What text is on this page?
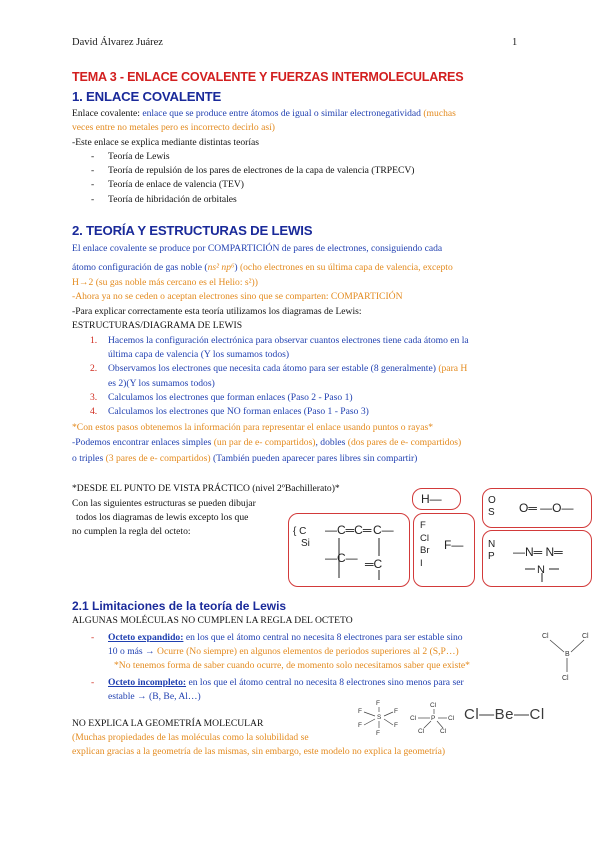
David Álvarez Juárez	1
TEMA 3 - ENLACE COVALENTE Y FUERZAS INTERMOLECULARES
1. ENLACE COVALENTE
Enlace covalente: enlace que se produce entre átomos de igual o similar electronegatividad (muchas
veces entre no metales pero es incorrecto decirlo así)
-Este enlace se explica mediante distintas teorías
- Teoría de Lewis
- Teoría de repulsión de los pares de electrones de la capa de valencia (TRPECV)
- Teoría de enlace de valencia (TEV)
- Teoría de hibridación de orbitales
2. TEORÍA Y ESTRUCTURAS DE LEWIS
El enlace covalente se produce por COMPARTICIÓN de pares de electrones, consiguiendo cada
átomo configuración de gas noble (ns² np⁶) (ocho electrones en su última capa de valencia, excepto
H→2 (su gas noble más cercano es el Helio: s²))
-Ahora ya no se ceden o aceptan electrones sino que se comparten: COMPARTICIÓN
-Para explicar correctamente esta teoría utilizamos los diagramas de Lewis:
ESTRUCTURAS/DIAGRAMA DE LEWIS
1. Hacemos la configuración electrónica para observar cuantos electrones tiene cada átomo en la
última capa de valencia (Y los sumamos todos)
2. Observamos los electrones que necesita cada átomo para ser estable (8 generalmente) (para H
es 2)(Y los sumamos todos)
3. Calculamos los electrones que forman enlaces (Paso 2 - Paso 1)
4. Calculamos los electrones que NO forman enlaces (Paso 1 - Paso 3)
*Con estos pasos obtenemos la información para representar el enlace usando puntos o rayas*
-Podemos encontrar enlaces simples (un par de e- compartidos), dobles (dos pares de e- compartidos)
o triples (3 pares de e- compartidos) (También pueden aparecer pares libres sin compartir)
*DESDE EL PUNTO DE VISTA PRÁCTICO (nivel 2ºBachillerato)*
Con las siguientes estructuras se pueden dibujar
todos los diagramas de lewis excepto los que
no cumplen la regla del octeto:	{ C
Si
—C═C═ C—
—C— ═C
H—
F
Cl
Br
I
F—
O
S O═ —O—
N
P —N═ N═
N
2.1 Limitaciones de la teoría de Lewis
ALGUNAS MOLÉCULAS NO CUMPLEN LA REGLA DEL OCTETO
- Octeto expandido: en los que el átomo central no necesita 8 electrones para ser estable sino
10 o más → Ocurre (No siempre) en algunos elementos de periodos superiores al 2 (S,P…)
*No tenemos forma de saber cuando ocurre, de momento solo necesitamos saber que existe*
- Octeto incompleto: en los que el átomo central no necesita 8 electrones sino menos para ser
estable → (B, Be, Al…)
Cl	Cl
B
Cl
NO EXPLICA LA GEOMETRÍA MOLECULAR
(Muchas propiedades de las moléculas como la solubilidad se
explican gracias a la geometría de las mismas, sin embargo, este modelo no explica la geometría)
F
F	F
S
F	F
F
Cl
Cl	Cl
P
Cl Cl
Cl—Be—Cl
